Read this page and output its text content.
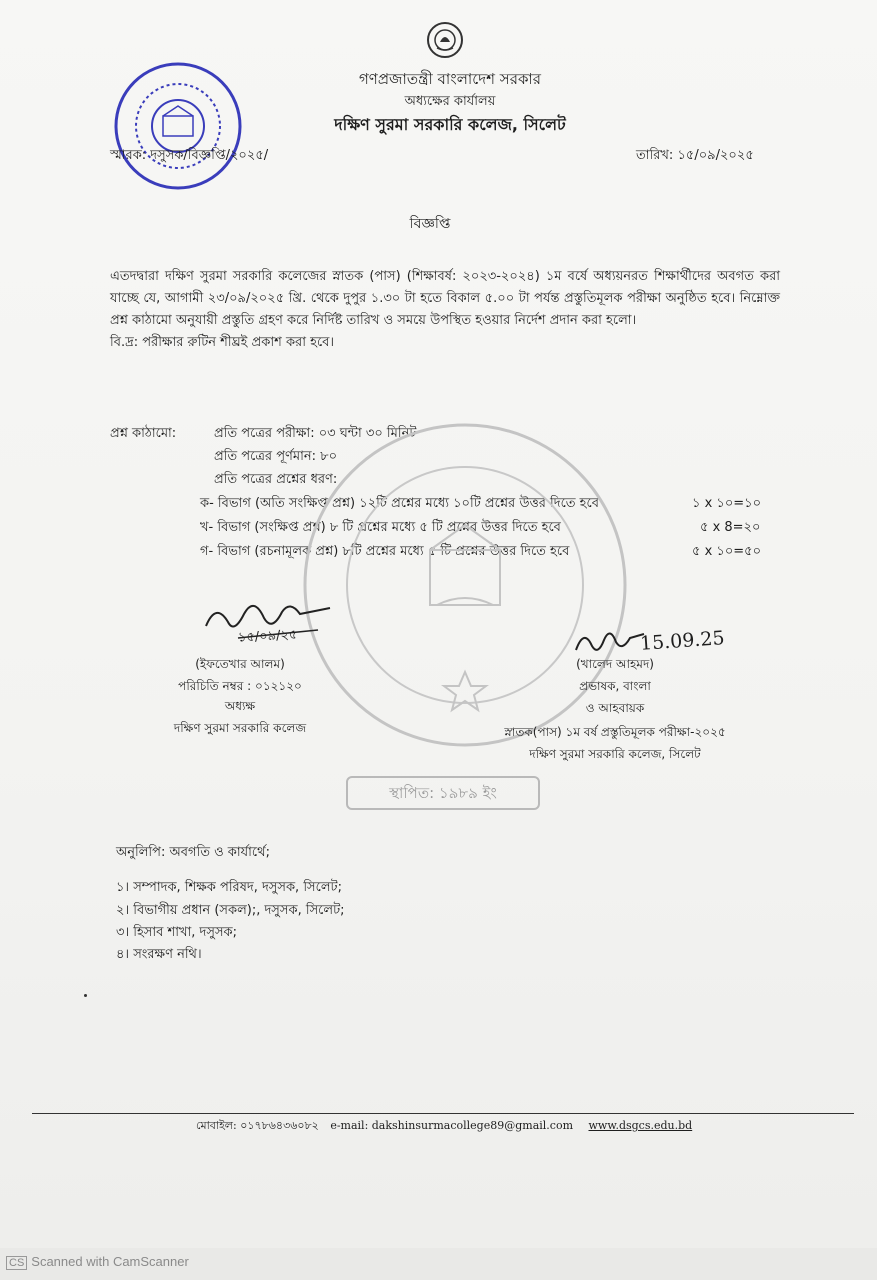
গণপ্রজাতন্ত্রী বাংলাদেশ সরকার
অধ্যক্ষের কার্যালয়
দক্ষিণ সুরমা সরকারি কলেজ, সিলেট
স্মারক: দসুসক/বিজ্ঞপ্তি/২০২৫/	তারিখ: ১৫/০৯/২০২৫
বিজ্ঞপ্তি

এতদদ্বারা দক্ষিণ সুরমা সরকারি কলেজের স্নাতক (পাস) (শিক্ষাবর্ষ: ২০২৩-২০২৪) ১ম বর্ষে অধ্যয়নরত শিক্ষার্থীদের অবগত করা যাচ্ছে যে, আগামী ২৩/০৯/২০২৫ খ্রি. থেকে দুপুর ১.৩০ টা হতে বিকাল ৫.০০ টা পর্যন্ত প্রস্তুতিমূলক পরীক্ষা অনুষ্ঠিত হবে। নিম্নোক্ত প্রশ্ন কাঠামো অনুযায়ী প্রস্তুতি গ্রহণ করে নির্দিষ্ট তারিখ ও সময়ে উপস্থিত হওয়ার নির্দেশ প্রদান করা হলো।

বি.দ্র: পরীক্ষার রুটিন শীঘ্রই প্রকাশ করা হবে।

প্রশ্ন কাঠামো:	প্রতি পত্রের পরীক্ষা: ০৩ ঘন্টা ৩০ মিনিট
প্রতি পত্রের পূর্ণমান: ৮০
প্রতি পত্রের প্রশ্নের ধরণ:
ক- বিভাগ (অতি সংক্ষিপ্ত প্রশ্ন) ১২টি প্রশ্নের মধ্যে ১০টি প্রশ্নের উত্তর দিতে হবে	১ x ১০=১০
খ- বিভাগ (সংক্ষিপ্ত প্রশ্ন) ৮ টি প্রশ্নের মধ্যে ৫ টি প্রশ্নের উত্তর দিতে হবে	৫ x 8=২০
গ- বিভাগ (রচনামূলক প্রশ্ন) ৮টি প্রশ্নের মধ্যে ৫ টি প্রশ্নের উত্তর দিতে হবে	৫ x ১০=৫০
১৫/০৯/২৫
(ইফতেখার আলম)
পরিচিতি নম্বর : ০১২১২০
অধ্যক্ষ
দক্ষিণ সুরমা সরকারি কলেজ
15.09.25
(খালেদ আহমদ)
প্রভাষক, বাংলা
ও আহবায়ক
স্নাতক(পাস) ১ম বর্ষ প্রস্তুতিমূলক পরীক্ষা-২০২৫
দক্ষিণ সুরমা সরকারি কলেজ, সিলেট
স্থাপিত: ১৯৮৯ ইং
অনুলিপি: অবগতি ও কার্যার্থে;
১। সম্পাদক, শিক্ষক পরিষদ, দসুসক, সিলেট;
২। বিভাগীয় প্রধান (সকল);, দসুসক, সিলেট;
৩। হিসাব শাখা, দসুসক;
৪। সংরক্ষণ নথি।
মোবাইল: ০১৭৮৬৪৩৬০৮২ e-mail: dakshinsurmacollege89@gmail.com www.dsgcs.edu.bd
CS Scanned with CamScanner
